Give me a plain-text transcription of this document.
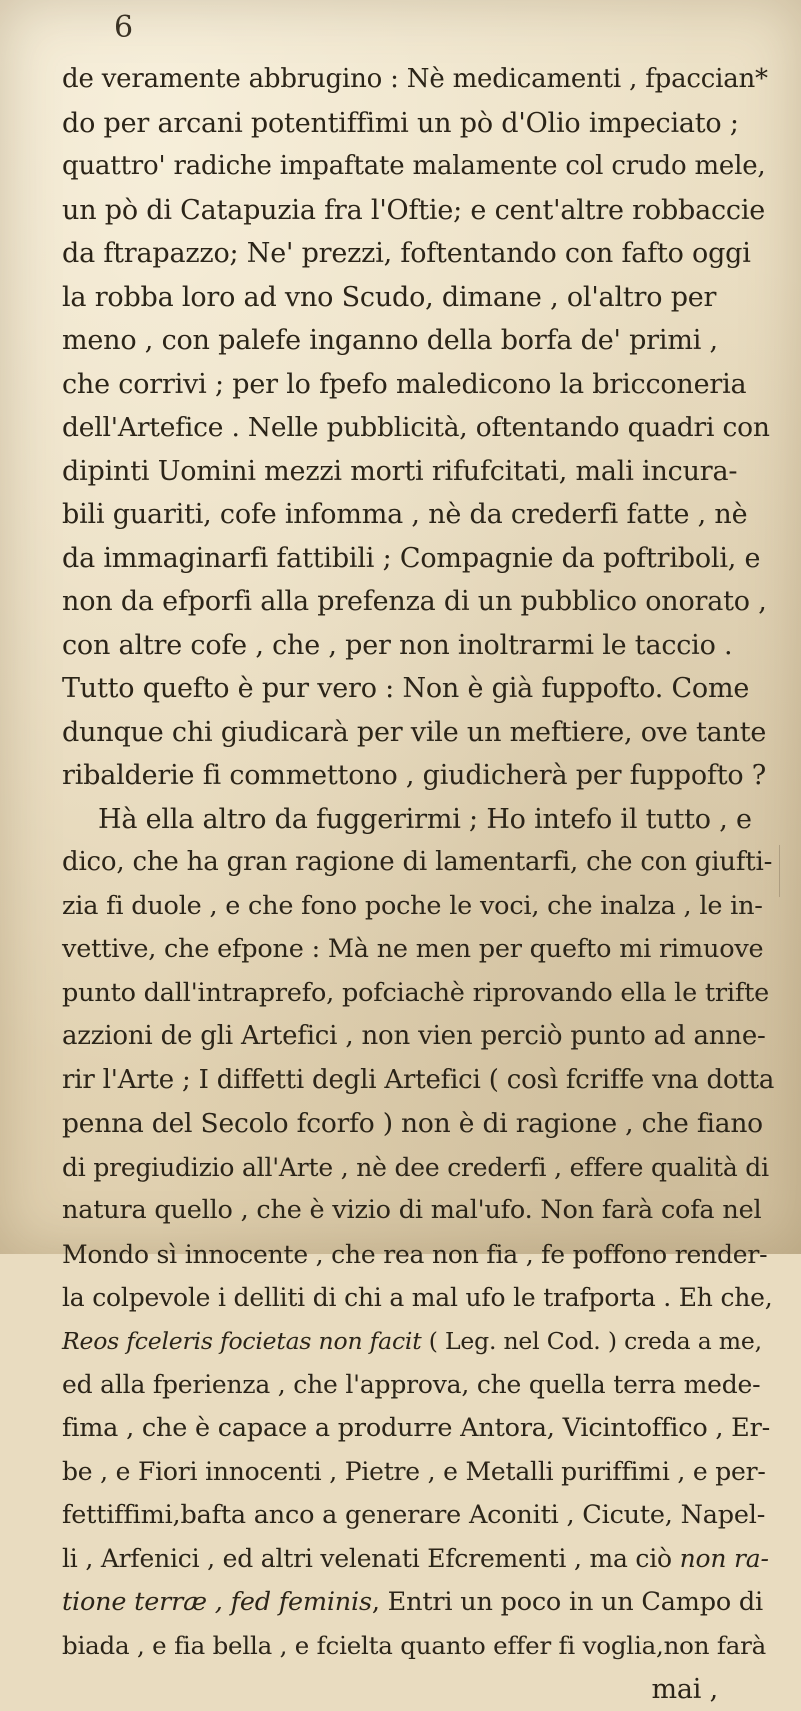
6
de veramente abbrugino : Nè medicamenti , fpaccian*
do per arcani potentiffimi un pò d'Olio impeciato ;
quattro' radiche impaftate malamente col crudo mele,
un pò di Catapuzia fra l'Oftie; e cent'altre robbaccie
da ftrapazzo; Ne' prezzi, foftentando con fafto oggi
la robba loro ad vno Scudo, dimane , ol'altro per
meno , con palefe inganno della borfa de' primi ,
che corrivi ; per lo fpefo maledicono la bricconeria
dell'Artefice . Nelle pubblicità, oftentando quadri con
dipinti Uomini mezzi morti rifufcitati, mali incura-
bili guariti, cofe infomma , nè da crederfi fatte , nè
da immaginarfi fattibili ; Compagnie da poftriboli, e
non da efporfi alla prefenza di un pubblico onorato ,
con altre cofe , che , per non inoltrarmi le taccio .
Tutto quefto è pur vero : Non è già fuppofto. Come
dunque chi giudicarà per vile un meftiere, ove tante
ribalderie fi commettono , giudicherà per fuppofto ?
Hà ella altro da fuggerirmi ; Ho intefo il tutto , e
dico, che ha gran ragione di lamentarfi, che con giufti-
zia fi duole , e che fono poche le voci, che inalza , le in-
vettive, che efpone : Mà ne men per quefto mi rimuove
punto dall'intraprefo, pofciachè riprovando ella le trifte
azzioni de gli Artefici , non vien perciò punto ad anne-
rir l'Arte ; I diffetti degli Artefici ( così fcriffe vna dotta
penna del Secolo fcorfo ) non è di ragione , che fiano
di pregiudizio all'Arte , nè dee crederfi , effere qualità di
natura quello , che è vizio di mal'ufo. Non farà cofa nel
Mondo sì innocente , che rea non fia , fe poffono render-
la colpevole i delliti di chi a mal ufo le trafporta . Eh che,
Reos fceleris focietas non facit ( Leg. nel Cod. ) creda a me,
ed alla fperienza , che l'approva, che quella terra mede-
fima , che è capace a produrre Antora, Vicintoffico , Er-
be , e Fiori innocenti , Pietre , e Metalli puriffimi , e per-
fettiffimi,bafta anco a generare Aconiti , Cicute, Napel-
li , Arfenici , ed altri velenati Efcrementi , ma ciò non ra-
tione terræ , fed feminis, Entri un poco in un Campo di
biada , e fia bella , e fcielta quanto effer fi voglia,non farà
mai ,
